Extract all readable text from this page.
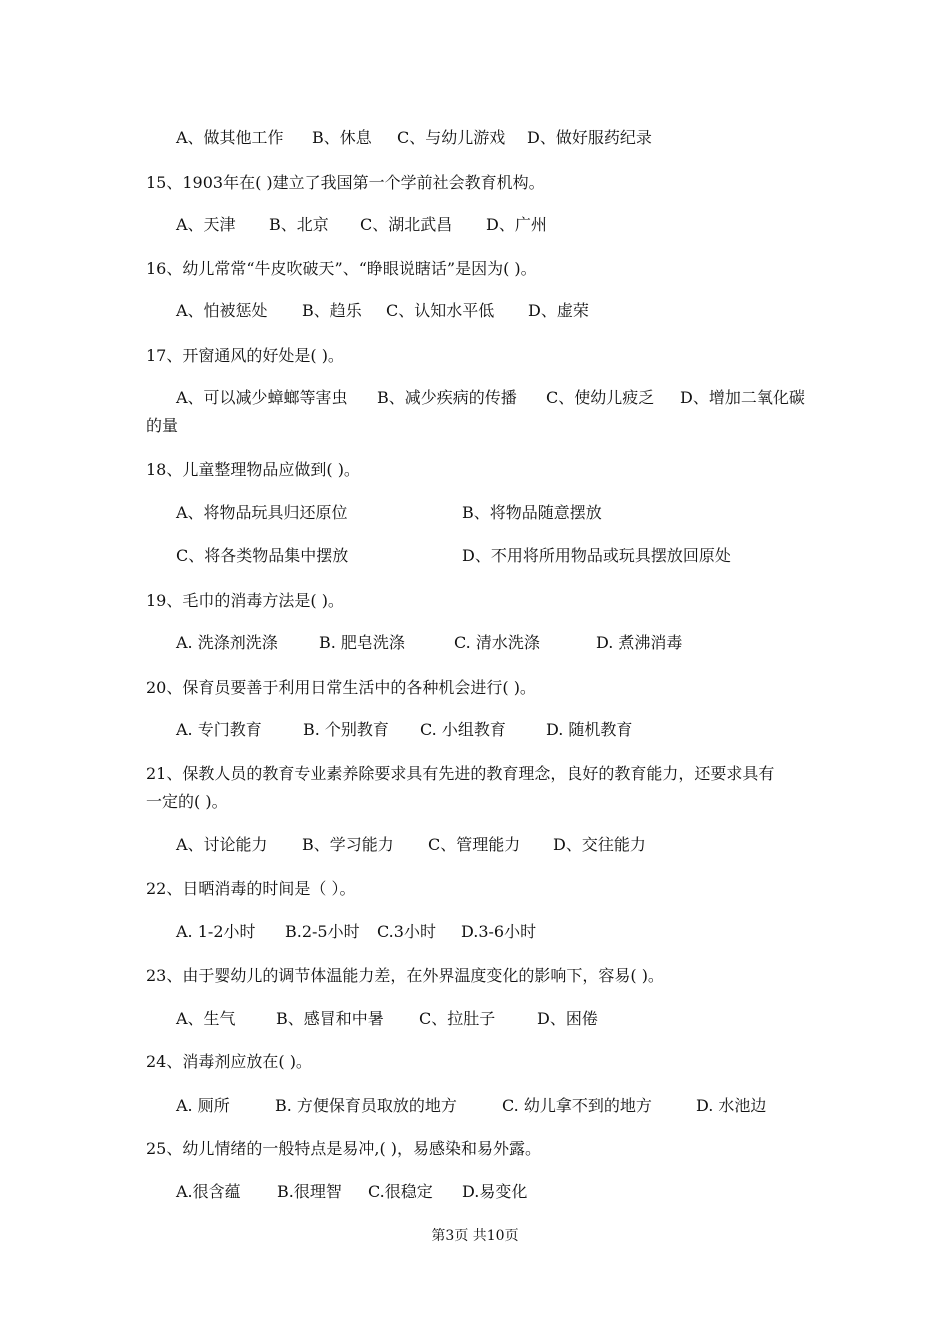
A、做其他工作 B、休息 C、与幼儿游戏 D、做好服药纪录
15、1903年在( )建立了我国第一个学前社会教育机构。
A、天津 B、北京 C、湖北武昌 D、广州
16、幼儿常常“牛皮吹破天”、“睁眼说瞎话”是因为( )。
A、怕被惩处 B、趋乐 C、认知水平低 D、虚荣
17、开窗通风的好处是( )。
A、可以减少蟑螂等害虫 B、减少疾病的传播 C、使幼儿疲乏 D、增加二氧化碳
的量
18、儿童整理物品应做到( )。
A、将物品玩具归还原位	B、将物品随意摆放
C、将各类物品集中摆放	D、不用将所用物品或玩具摆放回原处
19、毛巾的消毒方法是( )。
A. 洗涤剂洗涤	B. 肥皂洗涤	C. 清水洗涤	D. 煮沸消毒
20、保育员要善于利用日常生活中的各种机会进行( )。
A. 专门教育	B. 个别教育 C. 小组教育	D. 随机教育
21、保教人员的教育专业素养除要求具有先进的教育理念，良好的教育能力，还要求具有
一定的( )。
A、讨论能力 B、学习能力 C、管理能力 D、交往能力
22、日晒消毒的时间是（ ）。
A. 1-2小时 B.2-5小时 C.3小时 D.3-6小时
23、由于婴幼儿的调节体温能力差，在外界温度变化的影响下，容易( )。
A、生气	B、感冒和中暑 C、拉肚子	D、困倦
24、消毒剂应放在( )。
A. 厕所	B. 方便保育员取放的地方	C. 幼儿拿不到的地方	D. 水池边
25、幼儿情绪的一般特点是易冲,( )，易感染和易外露。
A.很含蕴 B.很理智 C.很稳定 D.易变化
第3页 共10页
